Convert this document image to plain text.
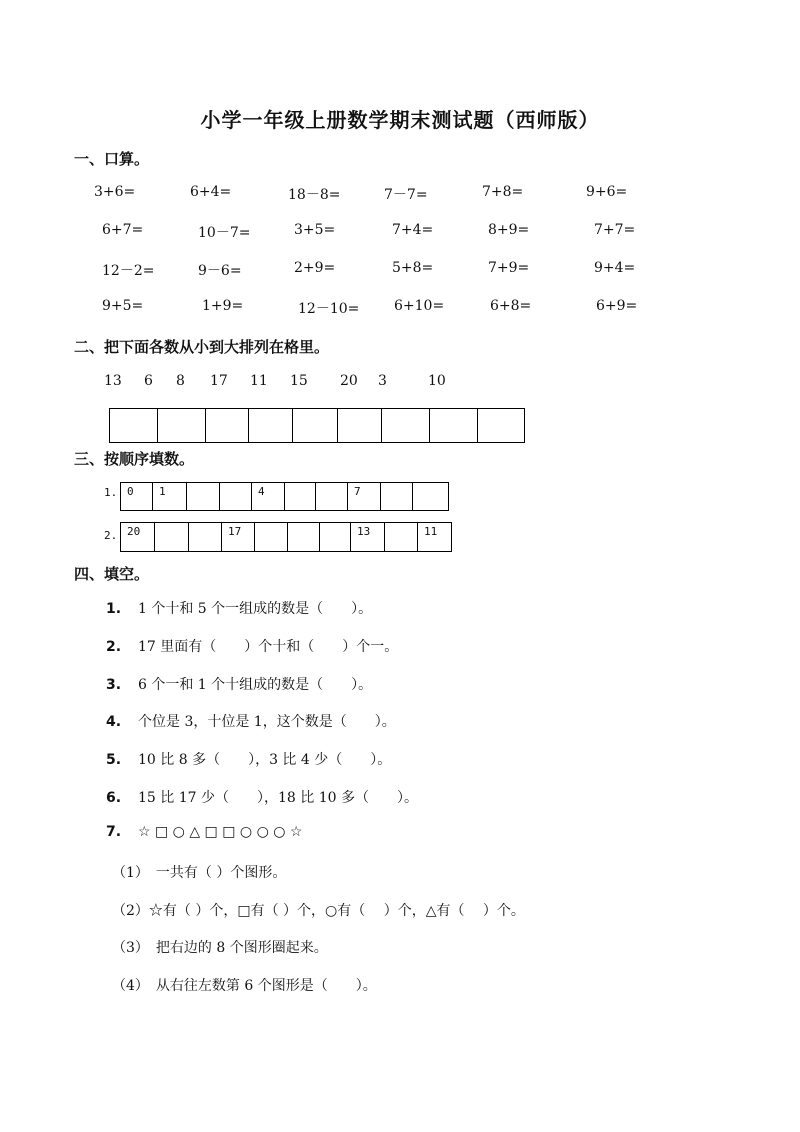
小学一年级上册数学期末测试题（西师版）
一、口算。
3+6=	6+4=	18－8=	7－7=	7+8=	9+6=
6+7=	10－7=	3+5=	7+4=	8+9=	7+7=
12－2=	9－6=	2+9=	5+8=	7+9=	9+4=
9+5=	1+9=	12－10= 6+10=	6+8=	6+9=
二、把下面各数从小到大排列在格里。
13 6 8 17 11 15 20 3	10

三、按顺序填数。
1. 0	1			4			7		
2. 20			17				13		11
四、填空。
1. 1 个十和 5 个一组成的数是（　　）。
2. 17 里面有（　　）个十和（　　）个一。
3. 6 个一和 1 个十组成的数是（　　）。
4. 个位是 3，十位是 1，这个数是（　　）。
5. 10 比 8 多（　　），3 比 4 少（　　）。
6. 15 比 17 少（　　），18 比 10 多（　　）。
7. ☆ □ ○ △ □ □ ○ ○ ○ ☆
（1）　一共有（ ）个图形。
（2）☆有（ ）个，□有（ ）个，○有（　 ）个，△有（　 ）个。
（3）　把右边的 8 个图形圈起来。
（4）　从右往左数第 6 个图形是（　　）。
